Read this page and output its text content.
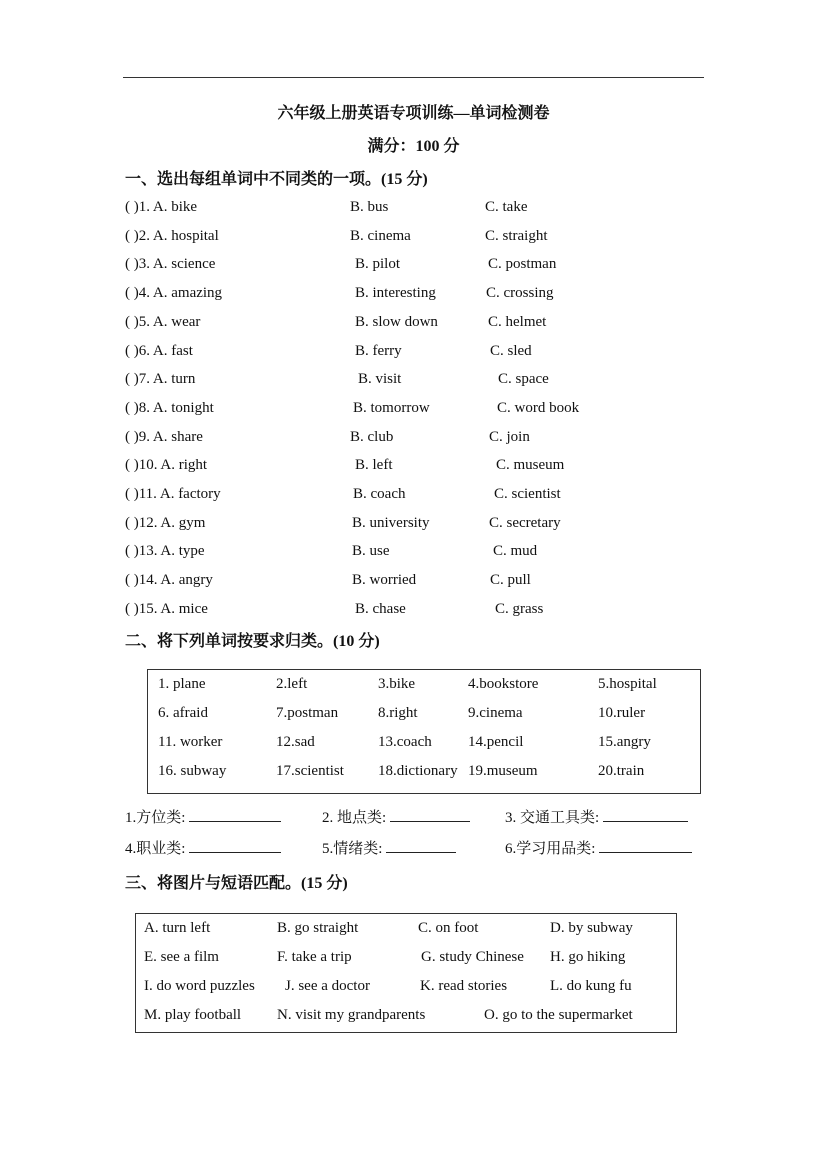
六年级上册英语专项训练—单词检测卷
满分：100 分
一、选出每组单词中不同类的一项。(15 分)
( )1. A. bike	B. bus	C. take
( )2. A. hospital	B. cinema	C. straight
( )3. A. science	B. pilot	C. postman
( )4. A. amazing	B. interesting	C. crossing
( )5. A. wear	B. slow down	C. helmet
( )6. A. fast	B. ferry	C. sled
( )7. A. turn	B. visit	C. space
( )8. A. tonight	B. tomorrow	C. word book
( )9. A. share	B. club	C. join
( )10. A. right	B. left	C. museum
( )11. A. factory	B. coach	C. scientist
( )12. A. gym	B. university	C. secretary
( )13. A. type	B. use	C. mud
( )14. A. angry	B. worried	C. pull
( )15. A. mice	B. chase	C. grass
二、将下列单词按要求归类。(10 分)
1. plane	2.left	3.bike	4.bookstore	5.hospital
6. afraid	7.postman	8.right	9.cinema	10.ruler
11. worker	12.sad	13.coach 14.pencil	15.angry
16. subway	17.scientist 18.dictionary 19.museum	20.train
1.方位类:	2. 地点类:	3. 交通工具类:
4.职业类:	5.情绪类:	6.学习用品类:
三、将图片与短语匹配。(15 分)
A. turn left	B. go straight	C. on foot	D. by subway
E. see a film	F. take a trip	G. study Chinese H. go hiking
I. do word puzzles J. see a doctor	K. read stories	L. do kung fu
M. play football N. visit my grandparents	O. go to the supermarket
